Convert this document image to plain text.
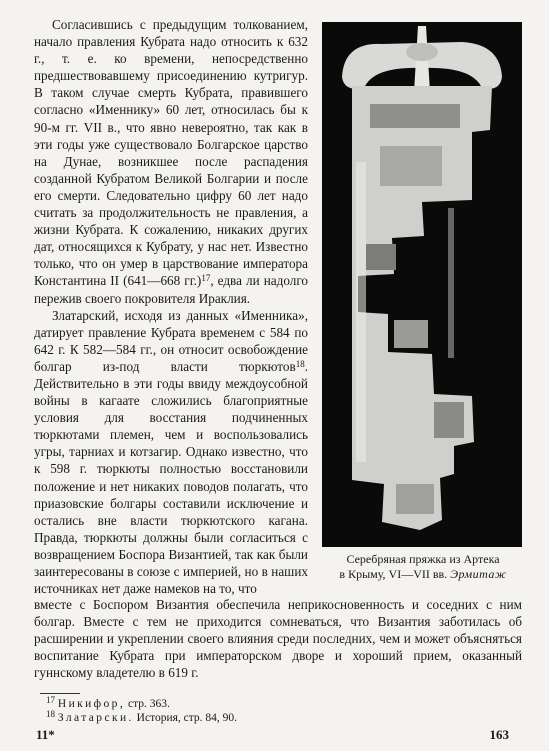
Согласившись с предыдущим толкованием, начало правления Кубрата надо относить к 632 г., т. е. ко времени, непосредственно предшествовавшему присоединению кутригур. В таком случае смерть Кубрата, правившего согласно «Именнику» 60 лет, относилась бы к 90-м гг. VII в., что явно невероятно, так как в эти годы уже существовало Болгарское царство на Дунае, возникшее после распадения созданной Кубратом Великой Болгарии и после его смерти. Следовательно цифру 60 лет надо считать за продолжительность не правления, а жизни Кубрата. К сожалению, никаких других дат, относящихся к Кубрату, у нас нет. Известно только, что он умер в царствование императора Константина II (641—668 гг.)$^{17}$, едва ли надолго пережив своего покровителя Ираклия.

Златарский, исходя из данных «Именника», датирует правление Кубрата временем с 584 по 642 г. К 582—584 гг., он относит освобождение болгар из-под власти тюркютов$^{18}$. Действительно в эти годы ввиду междоусобной войны в кагаате сложились благоприятные условия для восстания подчиненных тюркютами племен, чем и воспользовались угры, тарниах и котзагир. Однако известно, что к 598 г. тюркюты полностью восстановили положение и нет никаких поводов полагать, что приазовские болгары составили исключение и остались вне власти тюркютского кагана. Правда, тюркюты должны были согласиться с возвращением Боспора Византией, так как были заинтересованы в союзе с империей, но в наших источниках нет даже намеков на то, что

Серебряная пряжка из Артека
в Крыму, VI—VII вв. Эрмитаж

вместе с Боспором Византия обеспечила неприкосновенность и соседних с ним болгар. Вместе с тем не приходится сомневаться, что Византия заботилась об расширении и укреплении своего влияния среди последних, чем и может объясняться воспитание Кубрата при императорском дворе и хороший прием, оказанный гуннскому владетелю в 619 г.

$^{17}$ Никифор, стр. 363.
$^{18}$ Златарски. История, стр. 84, 90.
11*	163
